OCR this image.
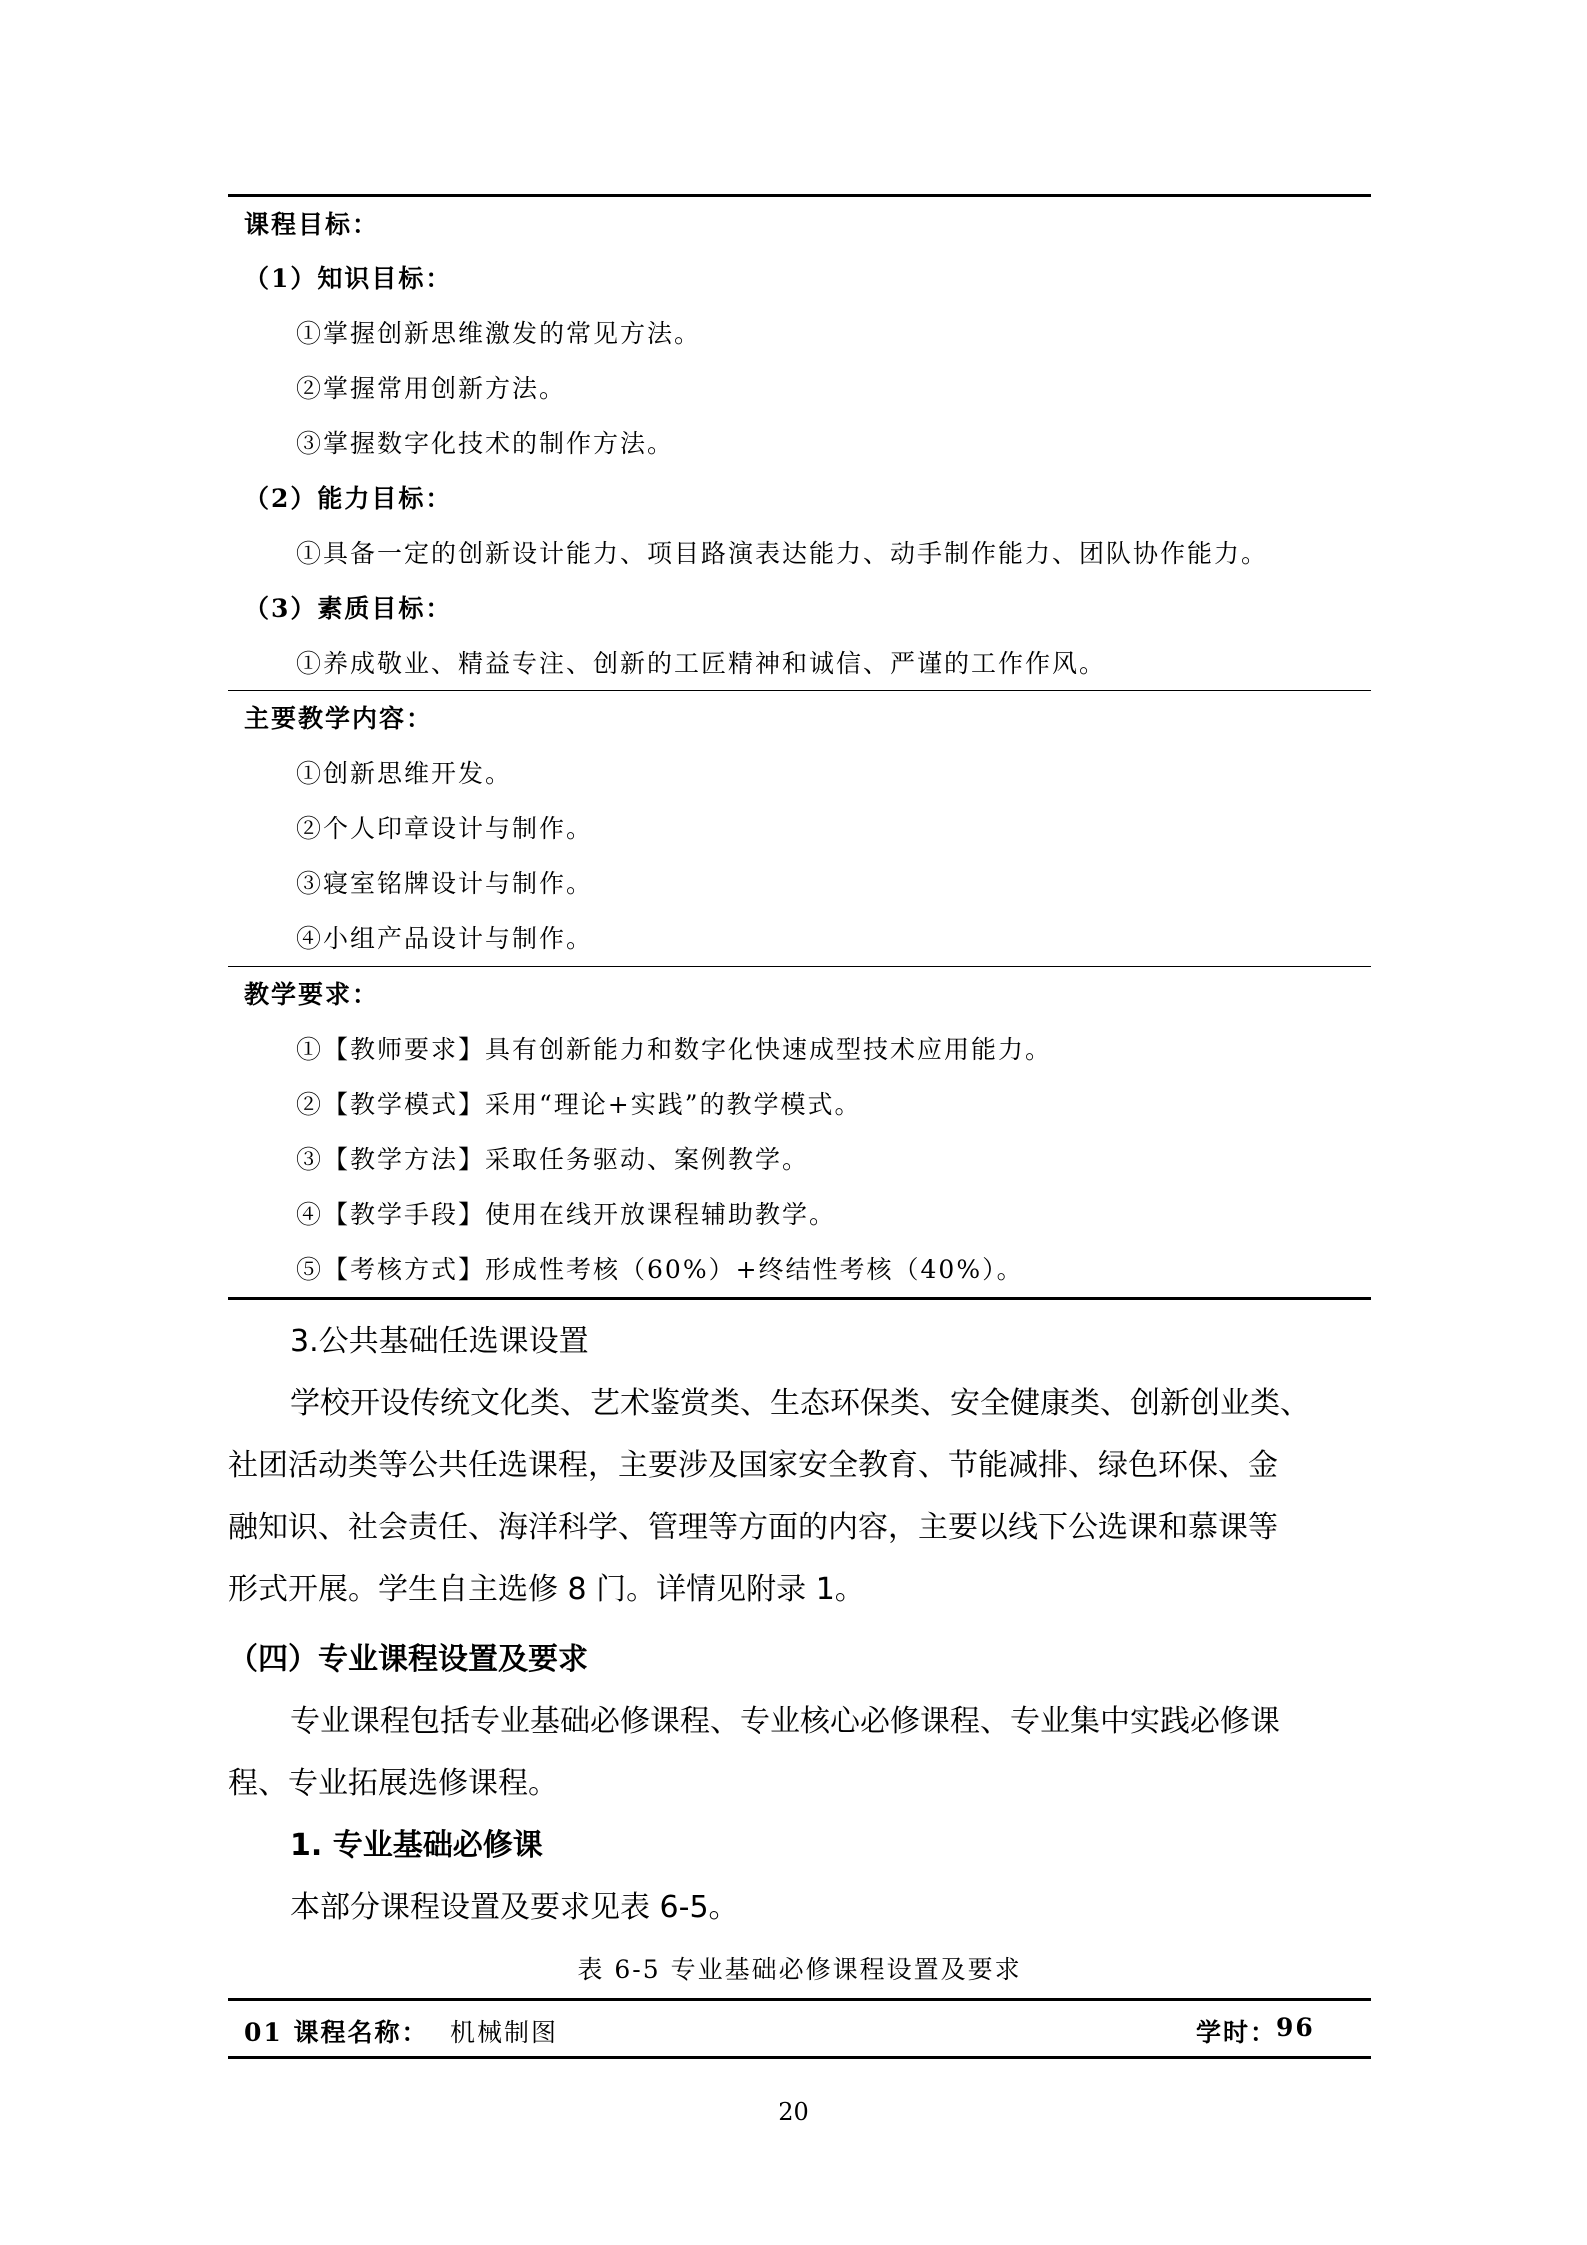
课程目标：
（1）知识目标：
①掌握创新思维激发的常见方法。
②掌握常用创新方法。
③掌握数字化技术的制作方法。
（2）能力目标：
①具备一定的创新设计能力、项目路演表达能力、动手制作能力、团队协作能力。
（3）素质目标：
①养成敬业、精益专注、创新的工匠精神和诚信、严谨的工作作风。
主要教学内容：
①创新思维开发。
②个人印章设计与制作。
③寝室铭牌设计与制作。
④小组产品设计与制作。
教学要求：
①【教师要求】具有创新能力和数字化快速成型技术应用能力。
②【教学模式】采用“理论+实践”的教学模式。
③【教学方法】采取任务驱动、案例教学。
④【教学手段】使用在线开放课程辅助教学。
⑤【考核方式】形成性考核（60%）+终结性考核（40%）。
3.公共基础任选课设置
学校开设传统文化类、艺术鉴赏类、生态环保类、安全健康类、创新创业类、
社团活动类等公共任选课程，主要涉及国家安全教育、节能减排、绿色环保、金
融知识、社会责任、海洋科学、管理等方面的内容，主要以线下公选课和慕课等
形式开展。学生自主选修 8 门。详情见附录 1。
（四）专业课程设置及要求
专业课程包括专业基础必修课程、专业核心必修课程、专业集中实践必修课
程、专业拓展选修课程。
1. 专业基础必修课
本部分课程设置及要求见表 6-5。
表 6-5 专业基础必修课程设置及要求
01 课程名称： 机械制图	学时：
96
20
